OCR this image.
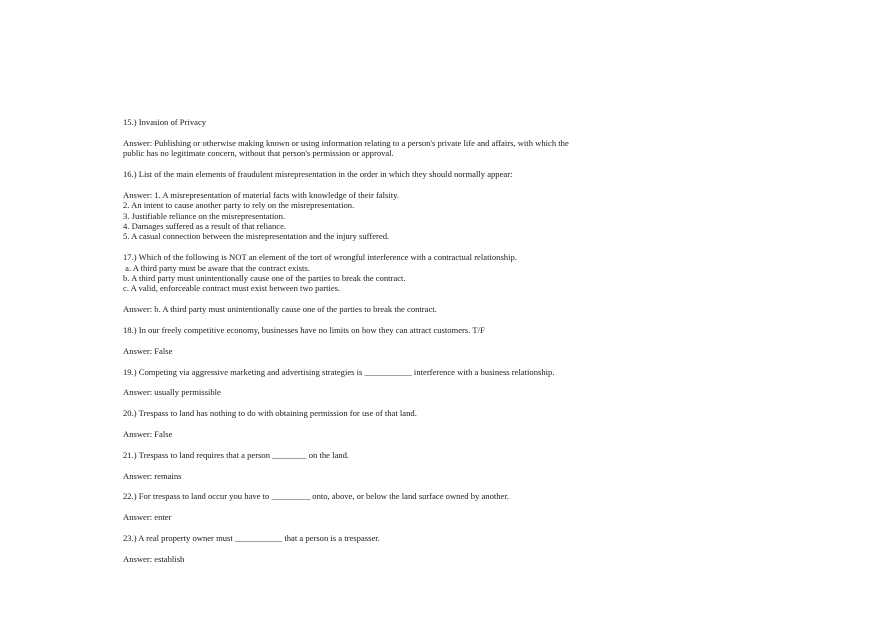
15.) Invasion of Privacy

Answer: Publishing or otherwise making known or using information relating to a person's private life and affairs, with which the

public has no legitimate concern, without that person's permission or approval.

16.) List of the main elements of fraudulent misrepresentation in the order in which they should normally appear:

Answer: 1. A misrepresentation of material facts with knowledge of their falsity.

2. An intent to cause another party to rely on the misrepresentation.

3. Justifiable reliance on the misrepresentation.

4. Damages suffered as a result of that reliance.

5. A casual connection between the misrepresentation and the injury suffered.

17.) Which of the following is NOT an element of the tort of wrongful interference with a contractual relationship.

a. A third party must be aware that the contract exists.

b. A third party must unintentionally cause one of the parties to break the contract.

c. A valid, enforceable contract must exist between two parties.

Answer: b. A third party must unintentionally cause one of the parties to break the contract.

18.) In our freely competitive economy, businesses have no limits on how they can attract customers. T/F

Answer: False

19.) Competing via aggressive marketing and advertising strategies is ___________ interference with a business relationship.

Answer: usually permissible

20.) Trespass to land has nothing to do with obtaining permission for use of that land.

Answer: False

21.) Trespass to land requires that a person ________ on the land.

Answer: remains

22.) For trespass to land occur you have to _________ onto, above, or below the land surface owned by another.

Answer: enter

23.) A real property owner must ___________ that a person is a trespasser.

Answer: establish
